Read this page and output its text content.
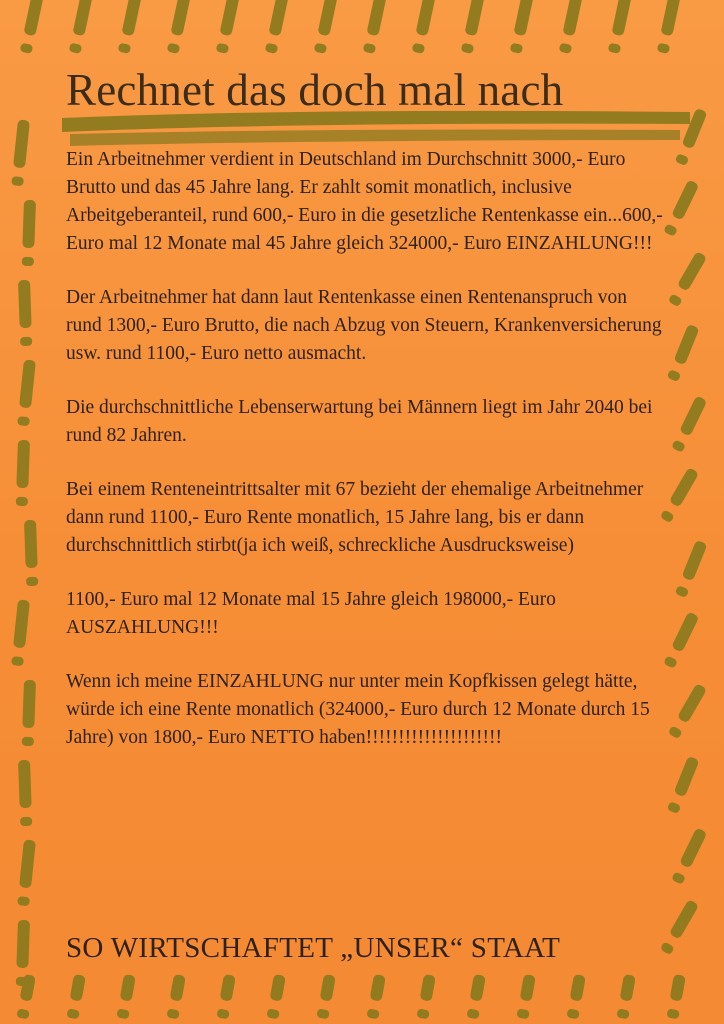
Rechnet das doch mal nach

Ein Arbeitnehmer verdient in Deutschland im Durchschnitt 3000,- Euro Brutto und das 45 Jahre lang. Er zahlt somit monatlich, inclusive Arbeitgeberanteil, rund 600,- Euro in die gesetzliche Rentenkasse ein...600,- Euro mal 12 Monate mal 45 Jahre gleich 324000,- Euro EINZAHLUNG!!!

Der Arbeitnehmer hat dann laut Rentenkasse einen Rentenanspruch von rund 1300,- Euro Brutto, die nach Abzug von Steuern, Krankenversicherung usw. rund 1100,- Euro netto ausmacht.

Die durchschnittliche Lebenserwartung bei Männern liegt im Jahr 2040 bei rund 82 Jahren.

Bei einem Renteneintrittsalter mit 67 bezieht der ehemalige Arbeitnehmer dann rund 1100,- Euro Rente monatlich, 15 Jahre lang, bis er dann durchschnittlich stirbt(ja ich weiß, schreckliche Ausdrucksweise)

1100,- Euro mal 12 Monate mal 15 Jahre gleich 198000,- Euro AUSZAHLUNG!!!

Wenn ich meine EINZAHLUNG nur unter mein Kopfkissen gelegt hätte, würde ich eine Rente monatlich (324000,- Euro durch 12 Monate durch 15 Jahre) von 1800,- Euro NETTO haben!!!!!!!!!!!!!!!!!!!!!

SO WIRTSCHAFTET „UNSER“ STAAT
